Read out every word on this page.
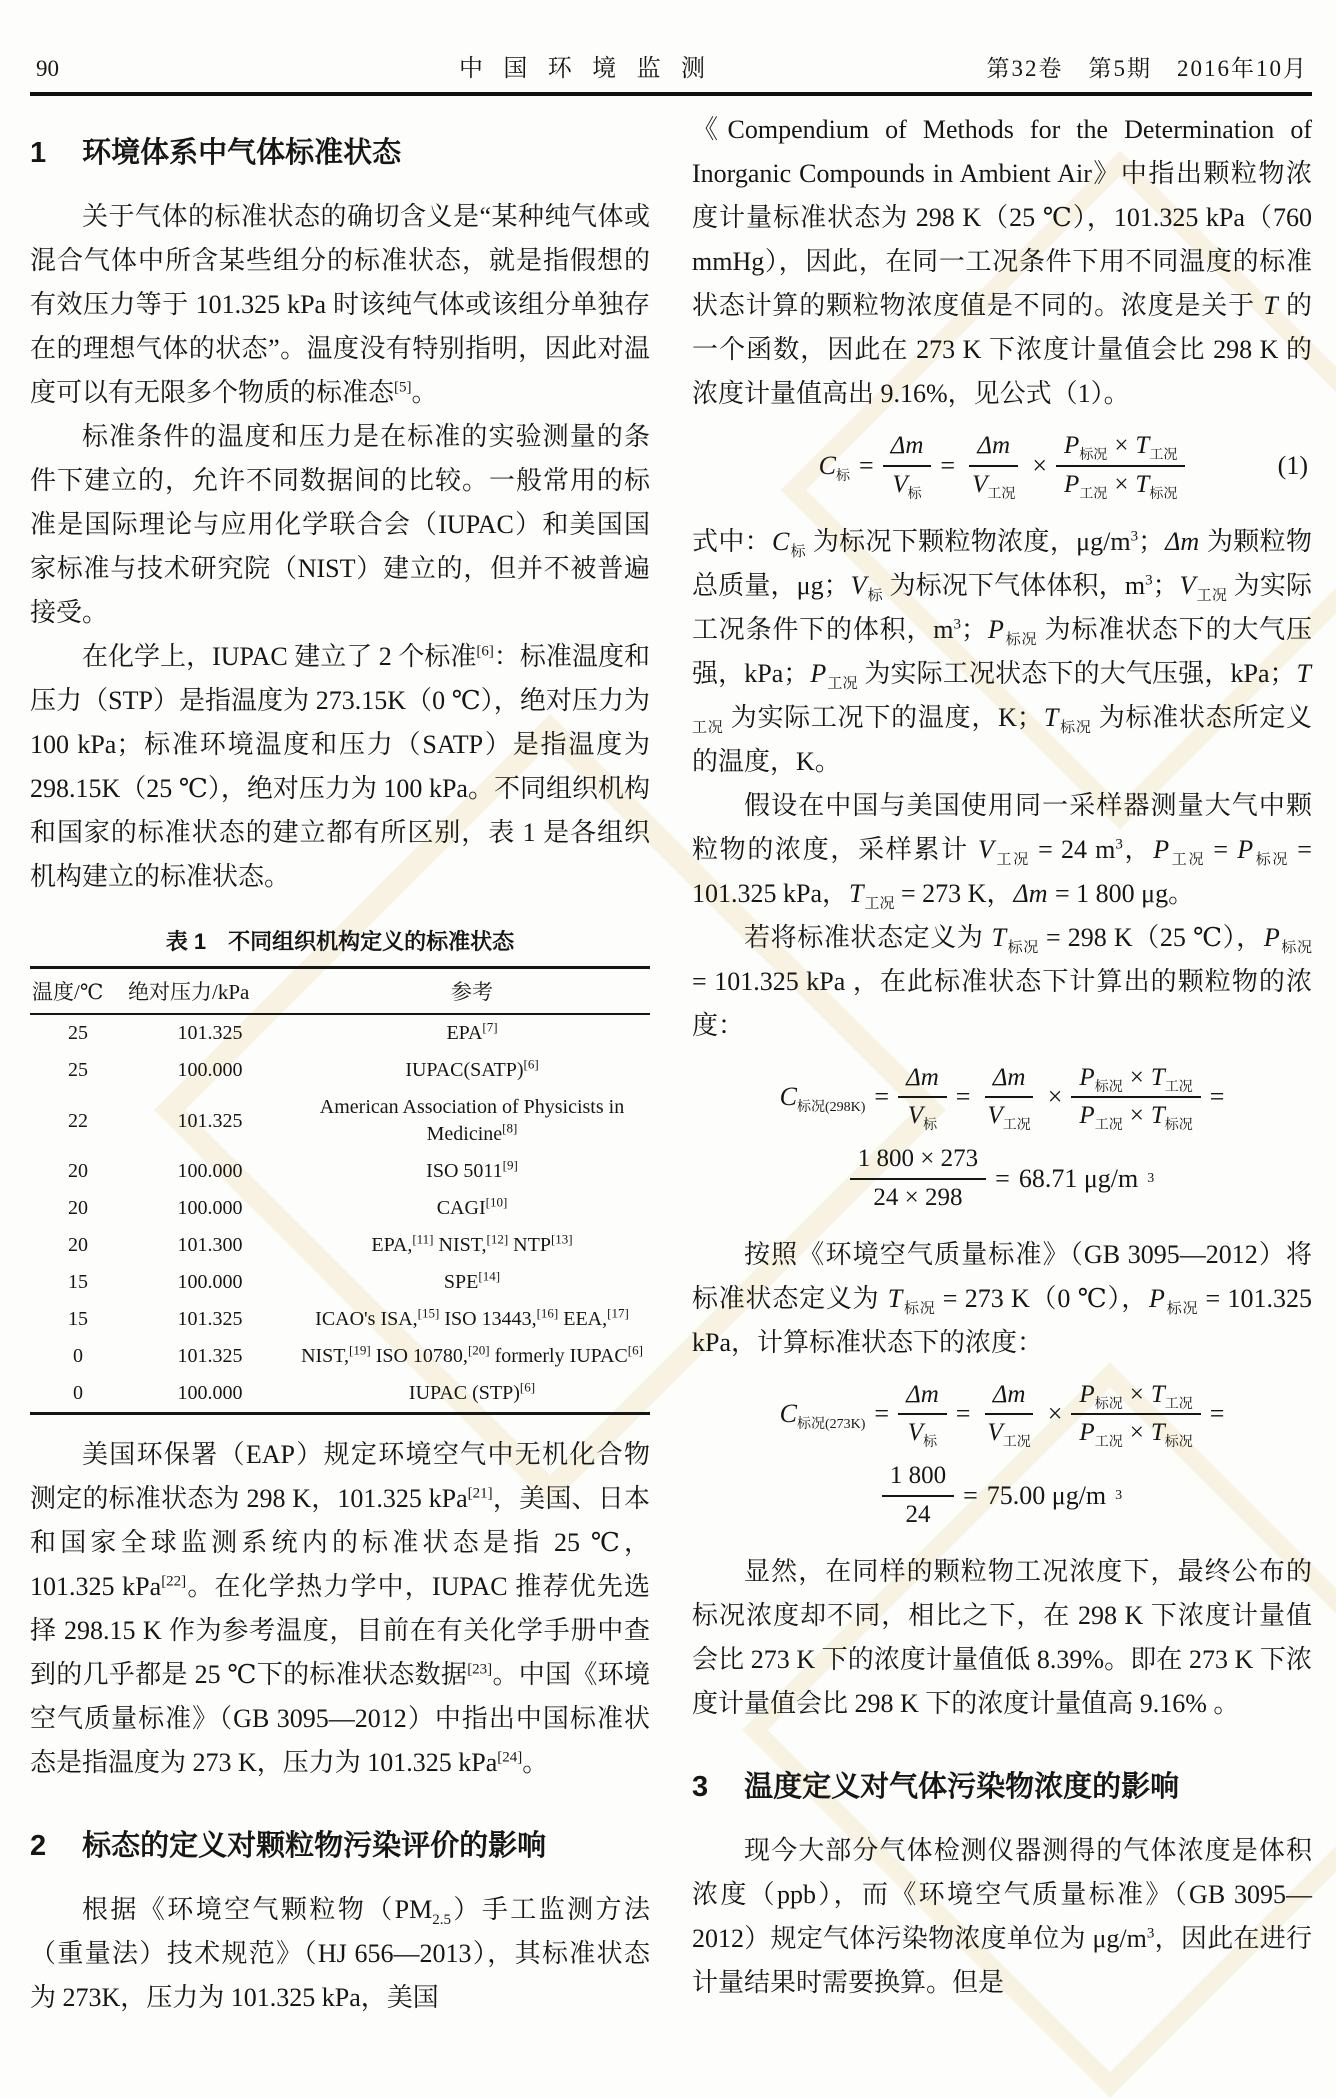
90	中国环境监测	第32卷　第5期　2016年10月
1 环境体系中气体标准状态

关于气体的标准状态的确切含义是“某种纯气体或混合气体中所含某些组分的标准状态，就是指假想的有效压力等于 101.325 kPa 时该纯气体或该组分单独存在的理想气体的状态”。温度没有特别指明，因此对温度可以有无限多个物质的标准态[5]。

标准条件的温度和压力是在标准的实验测量的条件下建立的，允许不同数据间的比较。一般常用的标准是国际理论与应用化学联合会（IUPAC）和美国国家标准与技术研究院（NIST）建立的，但并不被普遍接受。

在化学上，IUPAC 建立了 2 个标准[6]：标准温度和压力（STP）是指温度为 273.15K（0 ℃），绝对压力为 100 kPa；标准环境温度和压力（SATP）是指温度为 298.15K（25 ℃），绝对压力为 100 kPa。不同组织机构和国家的标准状态的建立都有所区别，表 1 是各组织机构建立的标准状态。

表 1　不同组织机构定义的标准状态
温度/℃	绝对压力/kPa	参考
25	101.325	EPA[7]
25	100.000	IUPAC(SATP)[6]
22	101.325	American Association of Physicists in Medicine[8]
20	100.000	ISO 5011[9]
20	100.000	CAGI[10]
20	101.300	EPA,[11] NIST,[12] NTP[13]
15	100.000	SPE[14]
15	101.325	ICAO's ISA,[15] ISO 13443,[16] EEA,[17]
0	101.325	NIST,[19] ISO 10780,[20] formerly IUPAC[6]
0	100.000	IUPAC (STP)[6]

美国环保署（EAP）规定环境空气中无机化合物测定的标准状态为 298 K，101.325 kPa[21]，美国、日本和国家全球监测系统内的标准状态是指 25 ℃，101.325 kPa[22]。在化学热力学中，IUPAC 推荐优先选择 298.15 K 作为参考温度，目前在有关化学手册中查到的几乎都是 25 ℃下的标准状态数据[23]。中国《环境空气质量标准》（GB 3095—2012）中指出中国标准状态是指温度为 273 K，压力为 101.325 kPa[24]。

2 标态的定义对颗粒物污染评价的影响

根据《环境空气颗粒物$(PM_{2.5})$手工监测方法（重量法）技术规范》（HJ 656—2013），其标准状态为 273K，压力为 101.325 kPa，美国

《Compendium of Methods for the Determination of Inorganic Compounds in Ambient Air》中指出颗粒物浓度计量标准状态为 298 K（25 ℃），101.325 kPa（760 mmHg），因此，在同一工况条件下用不同温度的标准状态计算的颗粒物浓度值是不同的。浓度是关于 T 的一个函数，因此在 273 K 下浓度计量值会比 298 K 的浓度计量值高出 9.16%，见公式（1）。

$C_标 = \frac{\Delta m}{V_标} = \frac{\Delta m}{V_{工况}} \times \frac{P_{标况} \times T_{工况}}{P_{工况} \times T_{标况}}$	(1)

式中：$C_标$ 为标况下颗粒物浓度，$\mu g/m^3$；Δm 为颗粒物总质量，μg；$V_标$ 为标况下气体体积，$m^3$；$V_{工况}$ 为实际工况条件下的体积，$m^3$；$P_{标况}$ 为标准状态下的大气压强，kPa；$P_{工况}$ 为实际工况状态下的大气压强，kPa；$T_{工况}$ 为实际工况下的温度，K；$T_{标况}$ 为标准状态所定义的温度，K。

假设在中国与美国使用同一采样器测量大气中颗粒物的浓度，采样累计 $V_{工况} = 24$ $m^3$，$P_{工况} = P_{标况} = 101.325$ kPa，$T_{工况} = 273$ K，Δm = 1 800 μg。

若将标准状态定义为 $T_{标况} = 298$ K（25 ℃），$P_{标况} = 101.325$ kPa ，在此标准状态下计算出的颗粒物的浓度：

$C_{标况(298K)} = \frac{\Delta m}{V_标} = \frac{\Delta m}{V_{工况}} \times \frac{P_{标况} \times T_{工况}}{P_{工况} \times T_{标况}}$ =
$\frac{1 800 \times 273}{24 \times 298} = 68.71$ μg/m 3

按照《环境空气质量标准》（GB 3095—2012）将标准状态定义为 $T_{标况} = 273$ K（0 ℃），$P_{标况} = 101.325$ kPa，计算标准状态下的浓度：

$C_{标况(273K)} = \frac{\Delta m}{V_标} = \frac{\Delta m}{V_{工况}} \times \frac{P_{标况} \times T_{工况}}{P_{工况} \times T_{标况}}$ =
$\frac{1 800}{24} = 75.00$ μg/m 3

显然，在同样的颗粒物工况浓度下，最终公布的标况浓度却不同，相比之下，在 298 K 下浓度计量值会比 273 K 下的浓度计量值低 8.39%。即在 273 K 下浓度计量值会比 298 K 下的浓度计量值高 9.16% 。

3 温度定义对气体污染物浓度的影响

现今大部分气体检测仪器测得的气体浓度是体积浓度（ppb），而《环境空气质量标准》（GB 3095—2012）规定气体污染物浓度单位为 $\mu g/m^3$，因此在进行计量结果时需要换算。但是
